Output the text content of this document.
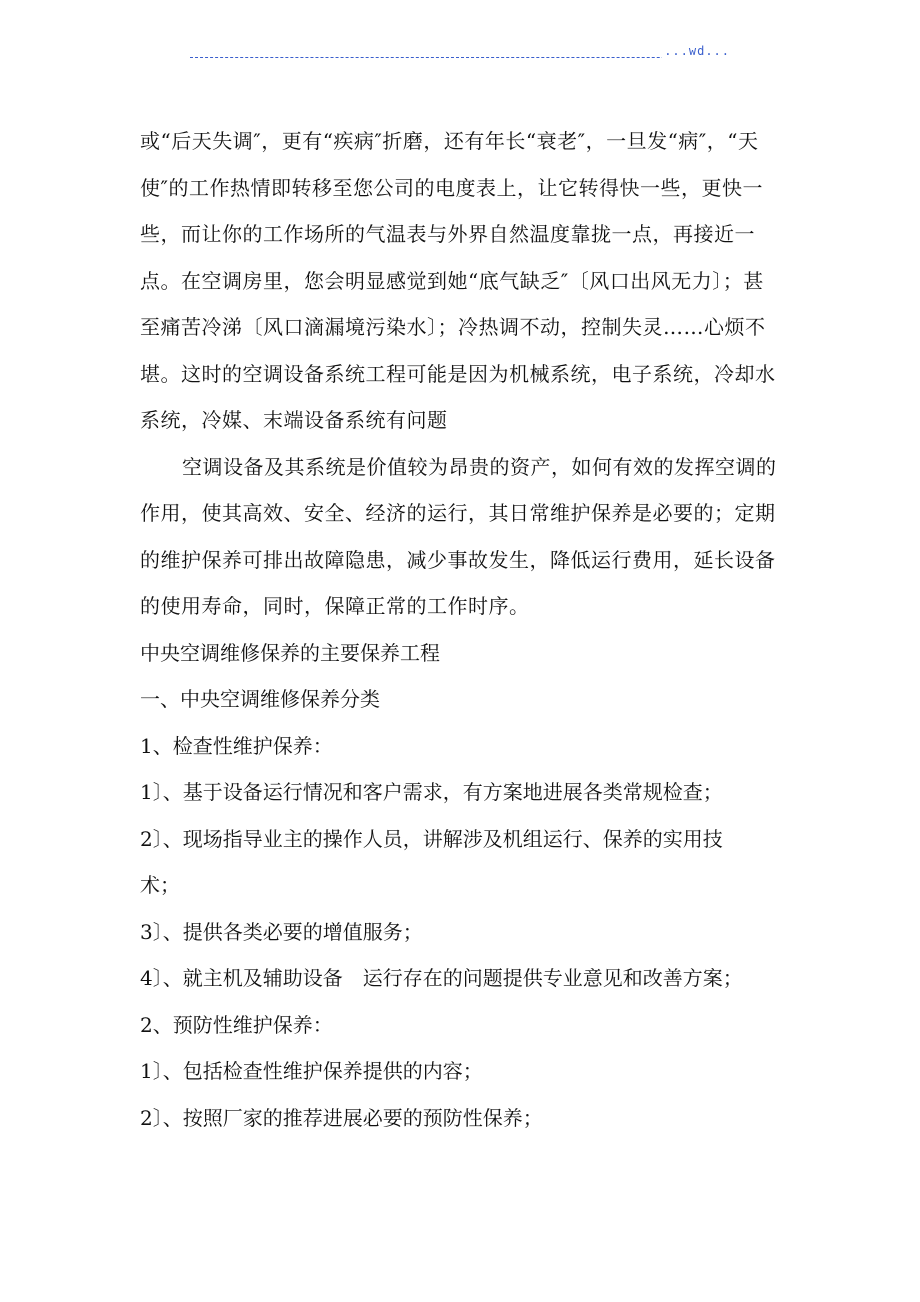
...wd...

或“后天失调″，更有“疾病″折磨，还有年长“衰老″，一旦发“病″，“天使″的工作热情即转移至您公司的电度表上，让它转得快一些，更快一些，而让你的工作场所的气温表与外界自然温度靠拢一点，再接近一点。在空调房里，您会明显感觉到她“底气缺乏″〔风口出风无力〕；甚至痛苦冷涕〔风口滴漏境污染水〕；冷热调不动，控制失灵……心烦不堪。这时的空调设备系统工程可能是因为机械系统，电子系统，冷却水系统，冷媒、末端设备系统有问题

空调设备及其系统是价值较为昂贵的资产，如何有效的发挥空调的作用，使其高效、安全、经济的运行，其日常维护保养是必要的；定期的维护保养可排出故障隐患，减少事故发生，降低运行费用，延长设备的使用寿命，同时，保障正常的工作时序。

中央空调维修保养的主要保养工程

一、中央空调维修保养分类

1、检查性维护保养：

1〕、基于设备运行情况和客户需求，有方案地进展各类常规检查；

2〕、现场指导业主的操作人员，讲解涉及机组运行、保养的实用技

术；

3〕、提供各类必要的增值服务；

4〕、就主机及辅助设备　运行存在的问题提供专业意见和改善方案；

2、预防性维护保养：

1〕、包括检查性维护保养提供的内容；

2〕、按照厂家的推荐进展必要的预防性保养；
